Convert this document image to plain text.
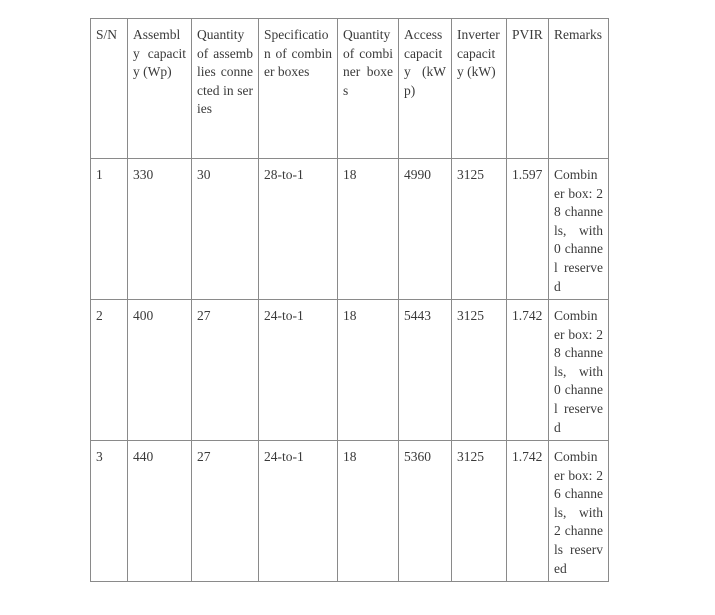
S/N	Assembly capacity (Wp)	Quantity of assemblies connected in series	Specification of combiner boxes	Quantity of combiner boxes	Access capacity (kWp)	Inverter capacity (kW)	PVIR	Remarks
1	330	30	28-to-1	18	4990	3125	1.597	Combiner box: 28 channels, with 0 channel reserved
2	400	27	24-to-1	18	5443	3125	1.742	Combiner box: 28 channels, with 0 channel reserved
3	440	27	24-to-1	18	5360	3125	1.742	Combiner box: 26 channels, with 2 channels reserved
